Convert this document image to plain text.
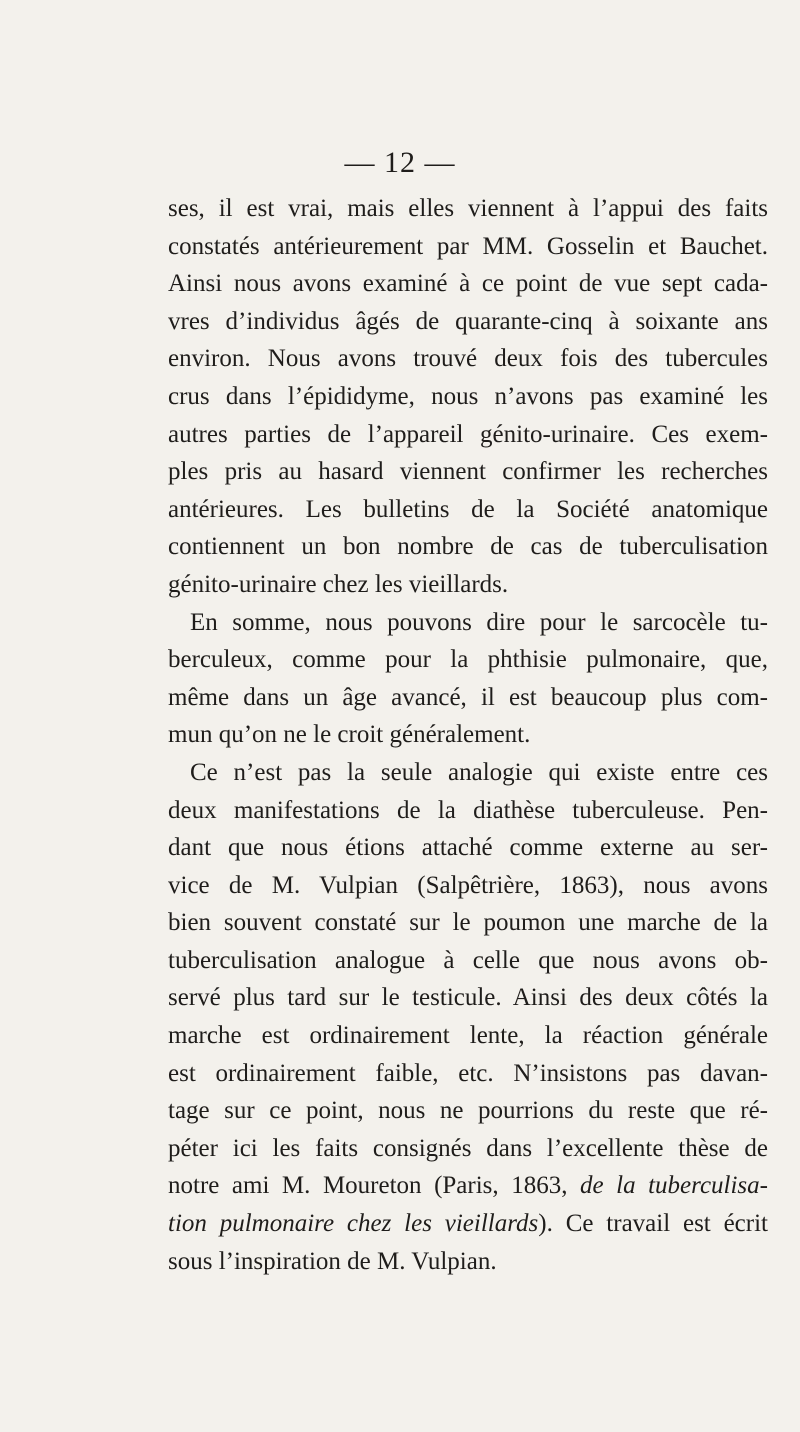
— 12 —
ses, il est vrai, mais elles viennent à l’appui des faits
constatés antérieurement par MM. Gosselin et Bauchet.
Ainsi nous avons examiné à ce point de vue sept cada-
vres d’individus âgés de quarante-cinq à soixante ans
environ. Nous avons trouvé deux fois des tubercules
crus dans l’épididyme, nous n’avons pas examiné les
autres parties de l’appareil génito-urinaire. Ces exem-
ples pris au hasard viennent confirmer les recherches
antérieures. Les bulletins de la Société anatomique
contiennent un bon nombre de cas de tuberculisation
génito-urinaire chez les vieillards.
En somme, nous pouvons dire pour le sarcocèle tu-
berculeux, comme pour la phthisie pulmonaire, que,
même dans un âge avancé, il est beaucoup plus com-
mun qu’on ne le croit généralement.
Ce n’est pas la seule analogie qui existe entre ces
deux manifestations de la diathèse tuberculeuse. Pen-
dant que nous étions attaché comme externe au ser-
vice de M. Vulpian (Salpêtrière, 1863), nous avons
bien souvent constaté sur le poumon une marche de la
tuberculisation analogue à celle que nous avons ob-
servé plus tard sur le testicule. Ainsi des deux côtés la
marche est ordinairement lente, la réaction générale
est ordinairement faible, etc. N’insistons pas davan-
tage sur ce point, nous ne pourrions du reste que ré-
péter ici les faits consignés dans l’excellente thèse de
notre ami M. Moureton (Paris, 1863, de la tuberculisa-
tion pulmonaire chez les vieillards). Ce travail est écrit
sous l’inspiration de M. Vulpian.
